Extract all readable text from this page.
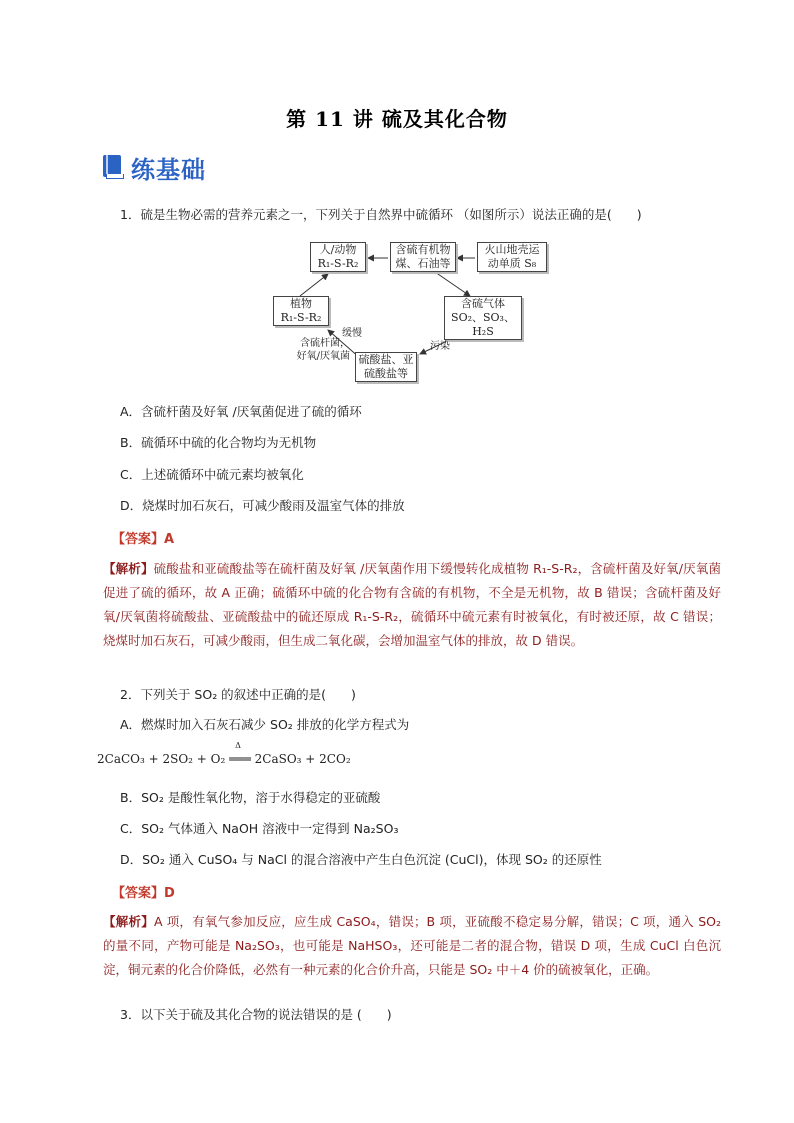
第 11 讲 硫及其化合物
练基础
1．硫是生物必需的营养元素之一，下列关于自然界中硫循环 （如图所示）说法正确的是(　　)
人/动物
R₁-S-R₂
含硫有机物
煤、石油等
火山地壳运
动单质 S₈
植物
R₁-S-R₂
含硫气体
SO₂、SO₃、H₂S
硫酸盐、亚
硫酸盐等
缓慢
含硫杆菌，
好氧/厌氧菌
污染
A．含硫杆菌及好氧 /厌氧菌促进了硫的循环
B．硫循环中硫的化合物均为无机物
C．上述硫循环中硫元素均被氧化
D．烧煤时加石灰石，可减少酸雨及温室气体的排放
【答案】A
【解析】硫酸盐和亚硫酸盐等在硫杆菌及好氧 /厌氧菌作用下缓慢转化成植物 R₁-S-R₂，含硫杆菌及好氧/厌氧菌促进了硫的循环，故 A 正确；硫循环中硫的化合物有含硫的有机物，不全是无机物，故 B 错误；含硫杆菌及好氧/厌氧菌将硫酸盐、亚硫酸盐中的硫还原成 R₁-S-R₂，硫循环中硫元素有时被氧化，有时被还原，故 C 错误；烧煤时加石灰石，可减少酸雨，但生成二氧化碳，会增加温室气体的排放，故 D 错误。
2．下列关于 SO₂ 的叙述中正确的是(　　)
A．燃煤时加入石灰石减少 SO₂ 排放的化学方程式为
2CaCO₃ + 2SO₂ + O₂ Δ ═══ 2CaSO₃ + 2CO₂
B．SO₂ 是酸性氧化物，溶于水得稳定的亚硫酸
C．SO₂ 气体通入 NaOH 溶液中一定得到 Na₂SO₃
D．SO₂ 通入 CuSO₄ 与 NaCl 的混合溶液中产生白色沉淀 (CuCl)，体现 SO₂ 的还原性
【答案】D
【解析】A 项，有氧气参加反应，应生成 CaSO₄，错误；B 项，亚硫酸不稳定易分解，错误；C 项，通入 SO₂ 的量不同，产物可能是 Na₂SO₃，也可能是 NaHSO₃，还可能是二者的混合物，错误 D 项，生成 CuCl 白色沉淀，铜元素的化合价降低，必然有一种元素的化合价升高，只能是 SO₂ 中＋4 价的硫被氧化，正确。
3．以下关于硫及其化合物的说法错误的是 (　　)
